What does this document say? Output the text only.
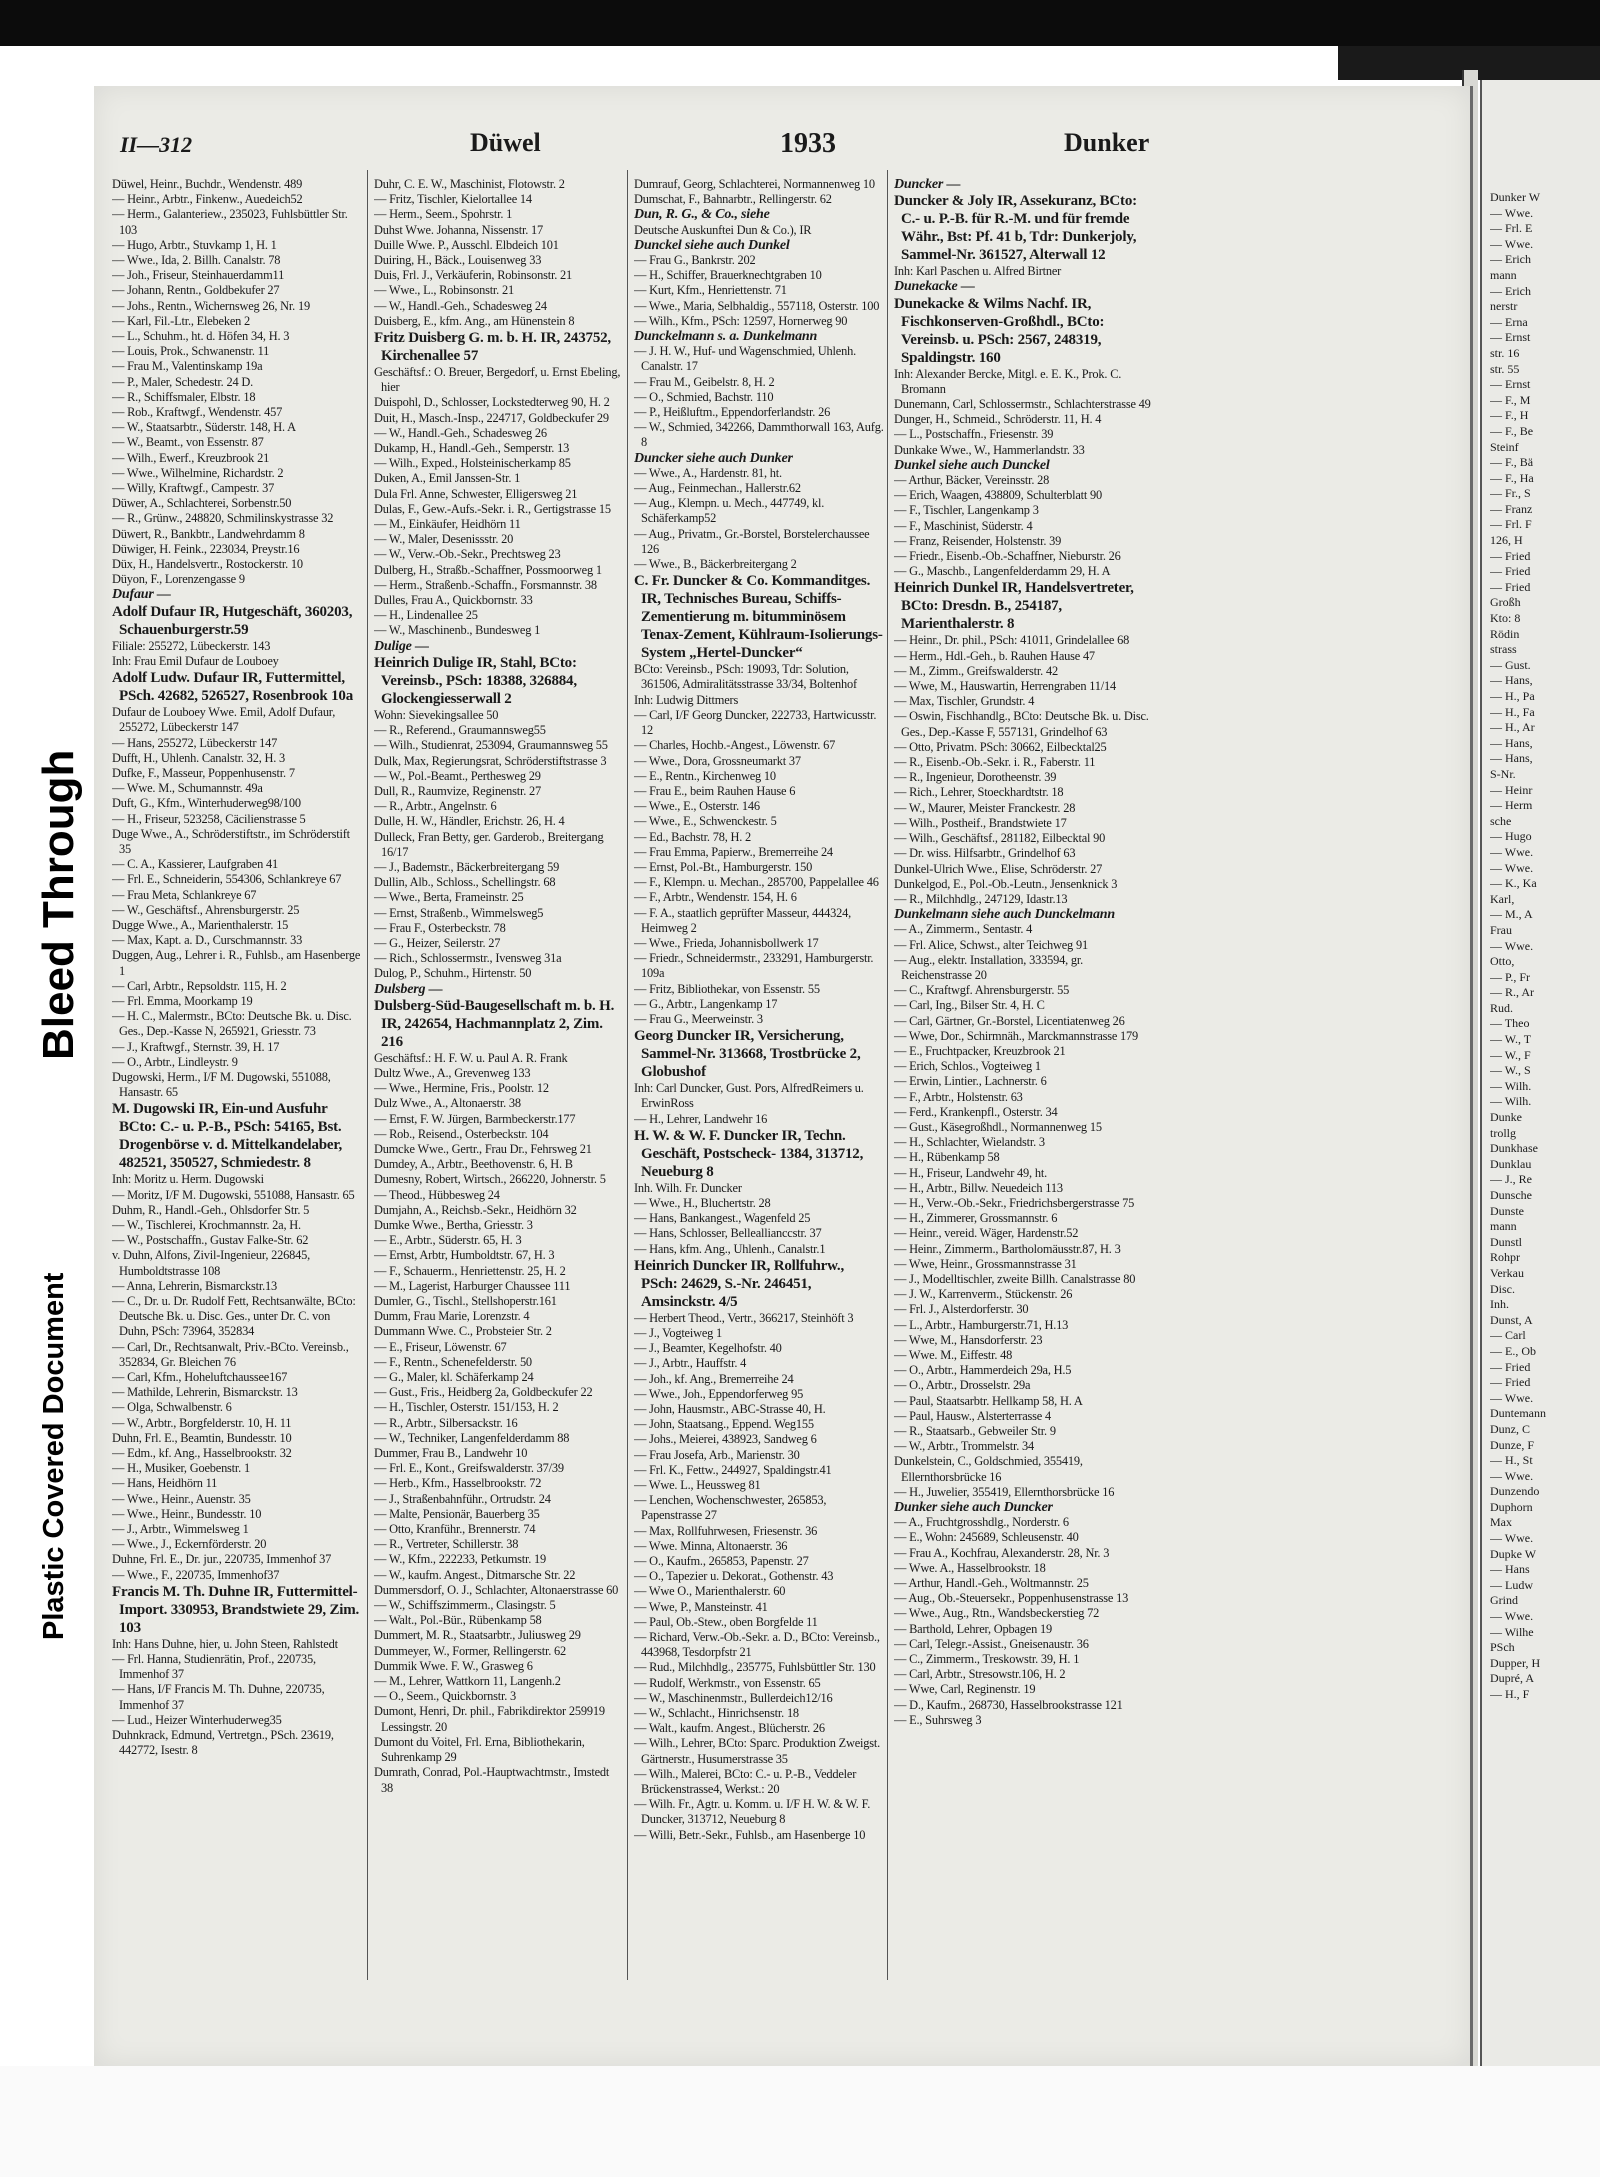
Bleed Through
Plastic Covered Document
Dunker W
— Wwe.
— Frl. E
— Wwe.
— Erich
mann
— Erich
nerstr
— Erna
— Ernst
str. 16
str. 55
— Ernst
— F., M
— F., H
— F., Be
Steinf
— F., Bä
— F., Ha
— Fr., S
— Franz
— Frl. F
126, H
— Fried
— Fried
— Fried
Großh
Kto: 8
Rödin
strass
— Gust.
— Hans,
— H., Pa
— H., Fa
— H., Ar
— Hans,
— Hans,
S-Nr.
— Heinr
— Herm
sche
— Hugo
— Wwe.
— Wwe.
— K., Ka
Karl,
— M., A
Frau
— Wwe.
Otto,
— P., Fr
— R., Ar
Rud.
— Theo
— W., T
— W., F
— W., S
— Wilh.
— Wilh.
Dunke
trollg
Dunkhase
Dunklau
— J., Re
Dunsche
Dunste
mann
Dunstl
Rohpr
Verkau
Disc.
Inh.
Dunst, A
— Carl
— E., Ob
— Fried
— Fried
— Wwe.
Duntemann
Dunz, C
Dunze, F
— H., St
— Wwe.
Dunzendo
Duphorn
Max
— Wwe.
Dupke W
— Hans
— Ludw
Grind
— Wwe.
— Wilhe
PSch
Dupper, H
Dupré, A
— H., F
II—312	Düwel	1933	Dunker

Düwel, Heinr., Buchdr., Wendenstr. 489

— Heinr., Arbtr., Finkenw., Auedeich52

— Herm., Galanteriew., 235023, Fuhlsbüttler Str. 103

— Hugo, Arbtr., Stuvkamp 1, H. 1

— Wwe., Ida, 2. Billh. Canalstr. 78

— Joh., Friseur, Steinhauerdamm11

— Johann, Rentn., Goldbekufer 27

— Johs., Rentn., Wichernsweg 26, Nr. 19

— Karl, Fil.-Ltr., Elebeken 2

— L., Schuhm., ht. d. Höfen 34, H. 3

— Louis, Prok., Schwanenstr. 11

— Frau M., Valentinskamp 19a

— P., Maler, Schedestr. 24 D.

— R., Schiffsmaler, Elbstr. 18

— Rob., Kraftwgf., Wendenstr. 457

— W., Staatsarbtr., Süderstr. 148, H. A

— W., Beamt., von Essenstr. 87

— Wilh., Ewerf., Kreuzbrook 21

— Wwe., Wilhelmine, Richardstr. 2

— Willy, Kraftwgf., Campestr. 37

Düwer, A., Schlachterei, Sorbenstr.50

— R., Grünw., 248820, Schmilinskystrasse 32

Düwert, R., Bankbtr., Landwehrdamm 8

Düwiger, H. Feink., 223034, Preystr.16

Düx, H., Handelsvertr., Rostockerstr. 10

Düyon, F., Lorenzengasse 9

Dufaur —

Adolf Dufaur IR, Hutgeschäft, 360203, Schauenburgerstr.59

Filiale: 255272, Lübeckerstr. 143

Inh: Frau Emil Dufaur de Louboey

Adolf Ludw. Dufaur IR, Futtermittel, PSch. 42682, 526527, Rosenbrook 10a

Dufaur de Louboey Wwe. Emil, Adolf Dufaur, 255272, Lübeckerstr 147

— Hans, 255272, Lübeckerstr 147

Dufft, H., Uhlenh. Canalstr. 32, H. 3

Dufke, F., Masseur, Poppenhusenstr. 7

— Wwe. M., Schumannstr. 49a

Duft, G., Kfm., Winterhuderweg98/100

— H., Friseur, 523258, Cäcilienstrasse 5

Duge Wwe., A., Schröderstiftstr., im Schröderstift 35

— C. A., Kassierer, Laufgraben 41

— Frl. E., Schneiderin, 554306, Schlankreye 67

— Frau Meta, Schlankreye 67

— W., Geschäftsf., Ahrensburgerstr. 25

Dugge Wwe., A., Marienthalerstr. 15

— Max, Kapt. a. D., Curschmannstr. 33

Duggen, Aug., Lehrer i. R., Fuhlsb., am Hasenberge 1

— Carl, Arbtr., Repsoldstr. 115, H. 2

— Frl. Emma, Moorkamp 19

— H. C., Malermstr., BCto: Deutsche Bk. u. Disc. Ges., Dep.-Kasse N, 265921, Griesstr. 73

— J., Kraftwgf., Sternstr. 39, H. 17

— O., Arbtr., Lindleystr. 9

Dugowski, Herm., I/F M. Dugowski, 551088, Hansastr. 65

M. Dugowski IR, Ein-und Ausfuhr BCto: C.- u. P.-B., PSch: 54165, Bst. Drogenbörse v. d. Mittelkandelaber, 482521, 350527, Schmiedestr. 8

Inh: Moritz u. Herm. Dugowski

— Moritz, I/F M. Dugowski, 551088, Hansastr. 65

Duhm, R., Handl.-Geh., Ohlsdorfer Str. 5

— W., Tischlerei, Krochmannstr. 2a, H.

— W., Postschaffn., Gustav Falke-Str. 62

v. Duhn, Alfons, Zivil-Ingenieur, 226845, Humboldtstrasse 108

— Anna, Lehrerin, Bismarckstr.13

— C., Dr. u. Dr. Rudolf Fett, Rechtsanwälte, BCto: Deutsche Bk. u. Disc. Ges., unter Dr. C. von Duhn, PSch: 73964, 352834

— Carl, Dr., Rechtsanwalt, Priv.-BCto. Vereinsb., 352834, Gr. Bleichen 76

— Carl, Kfm., Hoheluftchaussee167

— Mathilde, Lehrerin, Bismarckstr. 13

— Olga, Schwalbenstr. 6

— W., Arbtr., Borgfelderstr. 10, H. 11

Duhn, Frl. E., Beamtin, Bundesstr. 10

— Edm., kf. Ang., Hasselbrookstr. 32

— H., Musiker, Goebenstr. 1

— Hans, Heidhörn 11

— Wwe., Heinr., Auenstr. 35

— Wwe., Heinr., Bundesstr. 10

— J., Arbtr., Wimmelsweg 1

— Wwe., J., Eckernförderstr. 20

Duhne, Frl. E., Dr. jur., 220735, Immenhof 37

— Wwe., F., 220735, Immenhof37

Francis M. Th. Duhne IR, Futtermittel-Import. 330953, Brandstwiete 29, Zim. 103

Inh: Hans Duhne, hier, u. John Steen, Rahlstedt

— Frl. Hanna, Studienrätin, Prof., 220735, Immenhof 37

— Hans, I/F Francis M. Th. Duhne, 220735, Immenhof 37

— Lud., Heizer Winterhuderweg35

Duhnkrack, Edmund, Vertretgn., PSch. 23619, 442772, Isestr. 8

Duhr, C. E. W., Maschinist, Flotowstr. 2

— Fritz, Tischler, Kielortallee 14

— Herm., Seem., Spohrstr. 1

Duhst Wwe. Johanna, Nissenstr. 17

Duille Wwe. P., Ausschl. Elbdeich 101

Duiring, H., Bäck., Louisenweg 33

Duis, Frl. J., Verkäuferin, Robinsonstr. 21

— Wwe., L., Robinsonstr. 21

— W., Handl.-Geh., Schadesweg 24

Duisberg, E., kfm. Ang., am Hünenstein 8

Fritz Duisberg G. m. b. H. IR, 243752, Kirchenallee 57

Geschäftsf.: O. Breuer, Bergedorf, u. Ernst Ebeling, hier

Duispohl, D., Schlosser, Lockstedterweg 90, H. 2

Duit, H., Masch.-Insp., 224717, Goldbeckufer 29

— W., Handl.-Geh., Schadesweg 26

Dukamp, H., Handl.-Geh., Semperstr. 13

— Wilh., Exped., Holsteinischerkamp 85

Duken, A., Emil Janssen-Str. 1

Dula Frl. Anne, Schwester, Elligersweg 21

Dulas, F., Gew.-Aufs.-Sekr. i. R., Gertigstrasse 15

— M., Einkäufer, Heidhörn 11

— W., Maler, Desenissstr. 20

— W., Verw.-Ob.-Sekr., Prechtsweg 23

Dulberg, H., Straßb.-Schaffner, Possmoorweg 1

— Herm., Straßenb.-Schaffn., Forsmannstr. 38

Dulles, Frau A., Quickbornstr. 33

— H., Lindenallee 25

— W., Maschinenb., Bundesweg 1

Dulige —

Heinrich Dulige IR, Stahl, BCto: Vereinsb., PSch: 18388, 326884, Glockengiesserwall 2

Wohn: Sievekingsallee 50

— R., Referend., Graumannsweg55

— Wilh., Studienrat, 253094, Graumannsweg 55

Dulk, Max, Regierungsrat, Schröderstiftstrasse 3

— W., Pol.-Beamt., Perthesweg 29

Dull, R., Raumvize, Reginenstr. 27

— R., Arbtr., Angelnstr. 6

Dulle, H. W., Händler, Erichstr. 26, H. 4

Dulleck, Fran Betty, ger. Garderob., Breitergang 16/17

— J., Bademstr., Bäckerbreitergang 59

Dullin, Alb., Schloss., Schellingstr. 68

— Wwe., Berta, Frameinstr. 25

— Ernst, Straßenb., Wimmelsweg5

— Frau F., Osterbeckstr. 78

— G., Heizer, Seilerstr. 27

— Rich., Schlossermstr., Ivensweg 31a

Dulog, P., Schuhm., Hirtenstr. 50

Dulsberg —

Dulsberg-Süd-Baugesellschaft m. b. H. IR, 242654, Hachmannplatz 2, Zim. 216

Geschäftsf.: H. F. W. u. Paul A. R. Frank

Dultz Wwe., A., Grevenweg 133

— Wwe., Hermine, Fris., Poolstr. 12

Dulz Wwe., A., Altonaerstr. 38

— Ernst, F. W. Jürgen, Barmbeckerstr.177

— Rob., Reisend., Osterbeckstr. 104

Dumcke Wwe., Gertr., Frau Dr., Fehrsweg 21

Dumdey, A., Arbtr., Beethovenstr. 6, H. B

Dumesny, Robert, Wirtsch., 266220, Johnerstr. 5

— Theod., Hübbesweg 24

Dumjahn, A., Reichsb.-Sekr., Heidhörn 32

Dumke Wwe., Bertha, Griesstr. 3

— E., Arbtr., Süderstr. 65, H. 3

— Ernst, Arbtr, Humboldtstr. 67, H. 3

— F., Schauerm., Henriettenstr. 25, H. 2

— M., Lagerist, Harburger Chaussee 111

Dumler, G., Tischl., Stellshoperstr.161

Dumm, Frau Marie, Lorenzstr. 4

Dummann Wwe. C., Probsteier Str. 2

— E., Friseur, Löwenstr. 67

— F., Rentn., Schenefelderstr. 50

— G., Maler, kl. Schäferkamp 24

— Gust., Fris., Heidberg 2a, Goldbeckufer 22

— H., Tischler, Osterstr. 151/153, H. 2

— R., Arbtr., Silbersackstr. 16

— W., Techniker, Langenfelderdamm 88

Dummer, Frau B., Landwehr 10

— Frl. E., Kont., Greifswalderstr. 37/39

— Herb., Kfm., Hasselbrookstr. 72

— J., Straßenbahnführ., Ortrudstr. 24

— Malte, Pensionär, Bauerberg 35

— Otto, Kranführ., Brennerstr. 74

— R., Vertreter, Schillerstr. 38

— W., Kfm., 222233, Petkumstr. 19

— W., kaufm. Angest., Ditmarsche Str. 22

Dummersdorf, O. J., Schlachter, Altonaerstrasse 60

— W., Schiffszimmerm., Clasingstr. 5

— Walt., Pol.-Bür., Rübenkamp 58

Dummert, M. R., Staatsarbtr., Juliusweg 29

Dummeyer, W., Former, Rellingerstr. 62

Dummik Wwe. F. W., Grasweg 6

— M., Lehrer, Wattkorn 11, Langenh.2

— O., Seem., Quickbornstr. 3

Dumont, Henri, Dr. phil., Fabrikdirektor 259919 Lessingstr. 20

Dumont du Voitel, Frl. Erna, Bibliothekarin, Suhrenkamp 29

Dumrath, Conrad, Pol.-Hauptwachtmstr., Imstedt 38

Dumrauf, Georg, Schlachterei, Normannenweg 10

Dumschat, F., Bahnarbtr., Rellingerstr. 62

Dun, R. G., & Co., siehe

Deutsche Auskunftei Dun & Co.), IR

Dunckel siehe auch Dunkel

— Frau G., Bankrstr. 202

— H., Schiffer, Brauerknechtgraben 10

— Kurt, Kfm., Henriettenstr. 71

— Wwe., Maria, Selbhaldig., 557118, Osterstr. 100

— Wilh., Kfm., PSch: 12597, Hornerweg 90

Dunckelmann s. a. Dunkelmann

— J. H. W., Huf- und Wagenschmied, Uhlenh. Canalstr. 17

— Frau M., Geibelstr. 8, H. 2

— O., Schmied, Bachstr. 110

— P., Heißluftm., Eppendorferlandstr. 26

— W., Schmied, 342266, Dammthorwall 163, Aufg. 8

Duncker siehe auch Dunker

— Wwe., A., Hardenstr. 81, ht.

— Aug., Feinmechan., Hallerstr.62

— Aug., Klempn. u. Mech., 447749, kl. Schäferkamp52

— Aug., Privatm., Gr.-Borstel, Borstelerchaussee 126

— Wwe., B., Bäckerbreitergang 2

C. Fr. Duncker & Co. Kommanditges. IR, Technisches Bureau, Schiffs-Zementierung m. bitumminösem Tenax-Zement, Kühlraum-Isolierungs-System „Hertel-Duncker“

BCto: Vereinsb., PSch: 19093, Tdr: Solution, 361506, Admiralitätsstrasse 33/34, Boltenhof

Inh: Ludwig Dittmers

— Carl, I/F Georg Duncker, 222733, Hartwicusstr. 12

— Charles, Hochb.-Angest., Löwenstr. 67

— Wwe., Dora, Grossneumarkt 37

— E., Rentn., Kirchenweg 10

— Frau E., beim Rauhen Hause 6

— Wwe., E., Osterstr. 146

— Wwe., E., Schwenckestr. 5

— Ed., Bachstr. 78, H. 2

— Frau Emma, Papierw., Bremerreihe 24

— Ernst, Pol.-Bt., Hamburgerstr. 150

— F., Klempn. u. Mechan., 285700, Pappelallee 46

— F., Arbtr., Wendenstr. 154, H. 6

— F. A., staatlich geprüfter Masseur, 444324, Heimweg 2

— Wwe., Frieda, Johannisbollwerk 17

— Friedr., Schneidermstr., 233291, Hamburgerstr. 109a

— Fritz, Bibliothekar, von Essenstr. 55

— G., Arbtr., Langenkamp 17

— Frau G., Meerweinstr. 3

Georg Duncker IR, Versicherung, Sammel-Nr. 313668, Trostbrücke 2, Globushof

Inh: Carl Duncker, Gust. Pors, AlfredReimers u. ErwinRoss

— H., Lehrer, Landwehr 16

H. W. & W. F. Duncker IR, Techn. Geschäft, Postscheck- 1384, 313712, Neueburg 8

Inh. Wilh. Fr. Duncker

— Wwe., H., Bluchertstr. 28

— Hans, Bankangest., Wagenfeld 25

— Hans, Schlosser, Belleallianccstr. 37

— Hans, kfm. Ang., Uhlenh., Canalstr.1

Heinrich Duncker IR, Rollfuhrw., PSch: 24629, S.-Nr. 246451, Amsinckstr. 4/5

— Herbert Theod., Vertr., 366217, Steinhöft 3

— J., Vogteiweg 1

— J., Beamter, Kegelhofstr. 40

— J., Arbtr., Hauffstr. 4

— Joh., kf. Ang., Bremerreihe 24

— Wwe., Joh., Eppendorferweg 95

— John, Hausmstr., ABC-Strasse 40, H.

— John, Staatsang., Eppend. Weg155

— Johs., Meierei, 438923, Sandweg 6

— Frau Josefa, Arb., Marienstr. 30

— Frl. K., Fettw., 244927, Spaldingstr.41

— Wwe. L., Heussweg 81

— Lenchen, Wochenschwester, 265853, Papenstrasse 27

— Max, Rollfuhrwesen, Friesenstr. 36

— Wwe. Minna, Altonaerstr. 36

— O., Kaufm., 265853, Papenstr. 27

— O., Tapezier u. Dekorat., Gothenstr. 43

— Wwe O., Marienthalerstr. 60

— Wwe, P., Mansteinstr. 41

— Paul, Ob.-Stew., oben Borgfelde 11

— Richard, Verw.-Ob.-Sekr. a. D., BCto: Vereinsb., 443968, Tesdorpfstr 21

— Rud., Milchhdlg., 235775, Fuhlsbüttler Str. 130

— Rudolf, Werkmstr., von Essenstr. 65

— W., Maschinenmstr., Bullerdeich12/16

— W., Schlacht., Hinrichsenstr. 18

— Walt., kaufm. Angest., Blücherstr. 26

— Wilh., Lehrer, BCto: Sparc. Produktion Zweigst. Gärtnerstr., Husumerstrasse 35

— Wilh., Malerei, BCto: C.- u. P.-B., Veddeler Brückenstrasse4, Werkst.: 20

— Wilh. Fr., Agtr. u. Komm. u. I/F H. W. & W. F. Duncker, 313712, Neueburg 8

— Willi, Betr.-Sekr., Fuhlsb., am Hasenberge 10

Duncker —

Duncker & Joly IR, Assekuranz, BCto: C.- u. P.-B. für R.-M. und für fremde Währ., Bst: Pf. 41 b, Tdr: Dunkerjoly, Sammel-Nr. 361527, Alterwall 12

Inh: Karl Paschen u. Alfred Birtner

Dunekacke —

Dunekacke & Wilms Nachf. IR, Fischkonserven-Großhdl., BCto: Vereinsb. u. PSch: 2567, 248319, Spaldingstr. 160

Inh: Alexander Bercke, Mitgl. e. E. K., Prok. C. Bromann

Dunemann, Carl, Schlossermstr., Schlachterstrasse 49

Dunger, H., Schmeid., Schröderstr. 11, H. 4

— L., Postschaffn., Friesenstr. 39

Dunkake Wwe., W., Hammerlandstr. 33

Dunkel siehe auch Dunckel

— Arthur, Bäcker, Vereinsstr. 28

— Erich, Waagen, 438809, Schulterblatt 90

— F., Tischler, Langenkamp 3

— F., Maschinist, Süderstr. 4

— Franz, Reisender, Holstenstr. 39

— Friedr., Eisenb.-Ob.-Schaffner, Nieburstr. 26

— G., Maschb., Langenfelderdamm 29, H. A

Heinrich Dunkel IR, Handelsvertreter, BCto: Dresdn. B., 254187, Marienthalerstr. 8

— Heinr., Dr. phil., PSch: 41011, Grindelallee 68

— Herm., Hdl.-Geh., b. Rauhen Hause 47

— M., Zimm., Greifswalderstr. 42

— Wwe, M., Hauswartin, Herrengraben 11/14

— Max, Tischler, Grundstr. 4

— Oswin, Fischhandlg., BCto: Deutsche Bk. u. Disc. Ges., Dep.-Kasse F, 557131, Grindelhof 63

— Otto, Privatm. PSch: 30662, Eilbecktal25

— R., Eisenb.-Ob.-Sekr. i. R., Faberstr. 11

— R., Ingenieur, Dorotheenstr. 39

— Rich., Lehrer, Stoeckhardtstr. 18

— W., Maurer, Meister Franckestr. 28

— Wilh., Postheif., Brandstwiete 17

— Wilh., Geschäftsf., 281182, Eilbecktal 90

— Dr. wiss. Hilfsarbtr., Grindelhof 63

Dunkel-Ulrich Wwe., Elise, Schröderstr. 27

Dunkelgod, E., Pol.-Ob.-Leutn., Jensenknick 3

— R., Milchhdlg., 247129, Idastr.13

Dunkelmann siehe auch Dunckelmann

— A., Zimmerm., Sentastr. 4

— Frl. Alice, Schwst., alter Teichweg 91

— Aug., elektr. Installation, 333594, gr. Reichenstrasse 20

— C., Kraftwgf. Ahrensburgerstr. 55

— Carl, Ing., Bilser Str. 4, H. C

— Carl, Gärtner, Gr.-Borstel, Licentiatenweg 26

— Wwe, Dor., Schirmnäh., Marckmannstrasse 179

— E., Fruchtpacker, Kreuzbrook 21

— Erich, Schlos., Vogteiweg 1

— Erwin, Lintier., Lachnerstr. 6

— F., Arbtr., Holstenstr. 63

— Ferd., Krankenpfl., Osterstr. 34

— Gust., Käsegroßhdl., Normannenweg 15

— H., Schlachter, Wielandstr. 3

— H., Rübenkamp 58

— H., Friseur, Landwehr 49, ht.

— H., Arbtr., Billw. Neuedeich 113

— H., Verw.-Ob.-Sekr., Friedrichsbergerstrasse 75

— H., Zimmerer, Grossmannstr. 6

— Heinr., vereid. Wäger, Hardenstr.52

— Heinr., Zimmerm., Bartholomäusstr.87, H. 3

— Wwe, Heinr., Grossmannstrasse 31

— J., Modelltischler, zweite Billh. Canalstrasse 80

— J. W., Karrenverm., Stückenstr. 26

— Frl. J., Alsterdorferstr. 30

— L., Arbtr., Hamburgerstr.71, H.13

— Wwe, M., Hansdorferstr. 23

— Wwe. M., Eiffestr. 48

— O., Arbtr., Hammerdeich 29a, H.5

— O., Arbtr., Drosselstr. 29a

— Paul, Staatsarbtr. Hellkamp 58, H. A

— Paul, Hausw., Alsterterrasse 4

— R., Staatsarb., Gebweiler Str. 9

— W., Arbtr., Trommelstr. 34

Dunkelstein, C., Goldschmied, 355419, Ellernthorsbrücke 16

— H., Juwelier, 355419, Ellernthorsbrücke 16

Dunker siehe auch Duncker

— A., Fruchtgrosshdlg., Norderstr. 6

— E., Wohn: 245689, Schleusenstr. 40

— Frau A., Kochfrau, Alexanderstr. 28, Nr. 3

— Wwe. A., Hasselbrookstr. 18

— Arthur, Handl.-Geh., Woltmannstr. 25

— Aug., Ob.-Steuersekr., Poppenhusenstrasse 13

— Wwe., Aug., Rtn., Wandsbeckerstieg 72

— Barthold, Lehrer, Opbagen 19

— Carl, Telegr.-Assist., Gneisenaustr. 36

— C., Zimmerm., Treskowstr. 39, H. 1

— Carl, Arbtr., Stresowstr.106, H. 2

— Wwe, Carl, Reginenstr. 19

— D., Kaufm., 268730, Hasselbrookstrasse 121

— E., Suhrsweg 3
